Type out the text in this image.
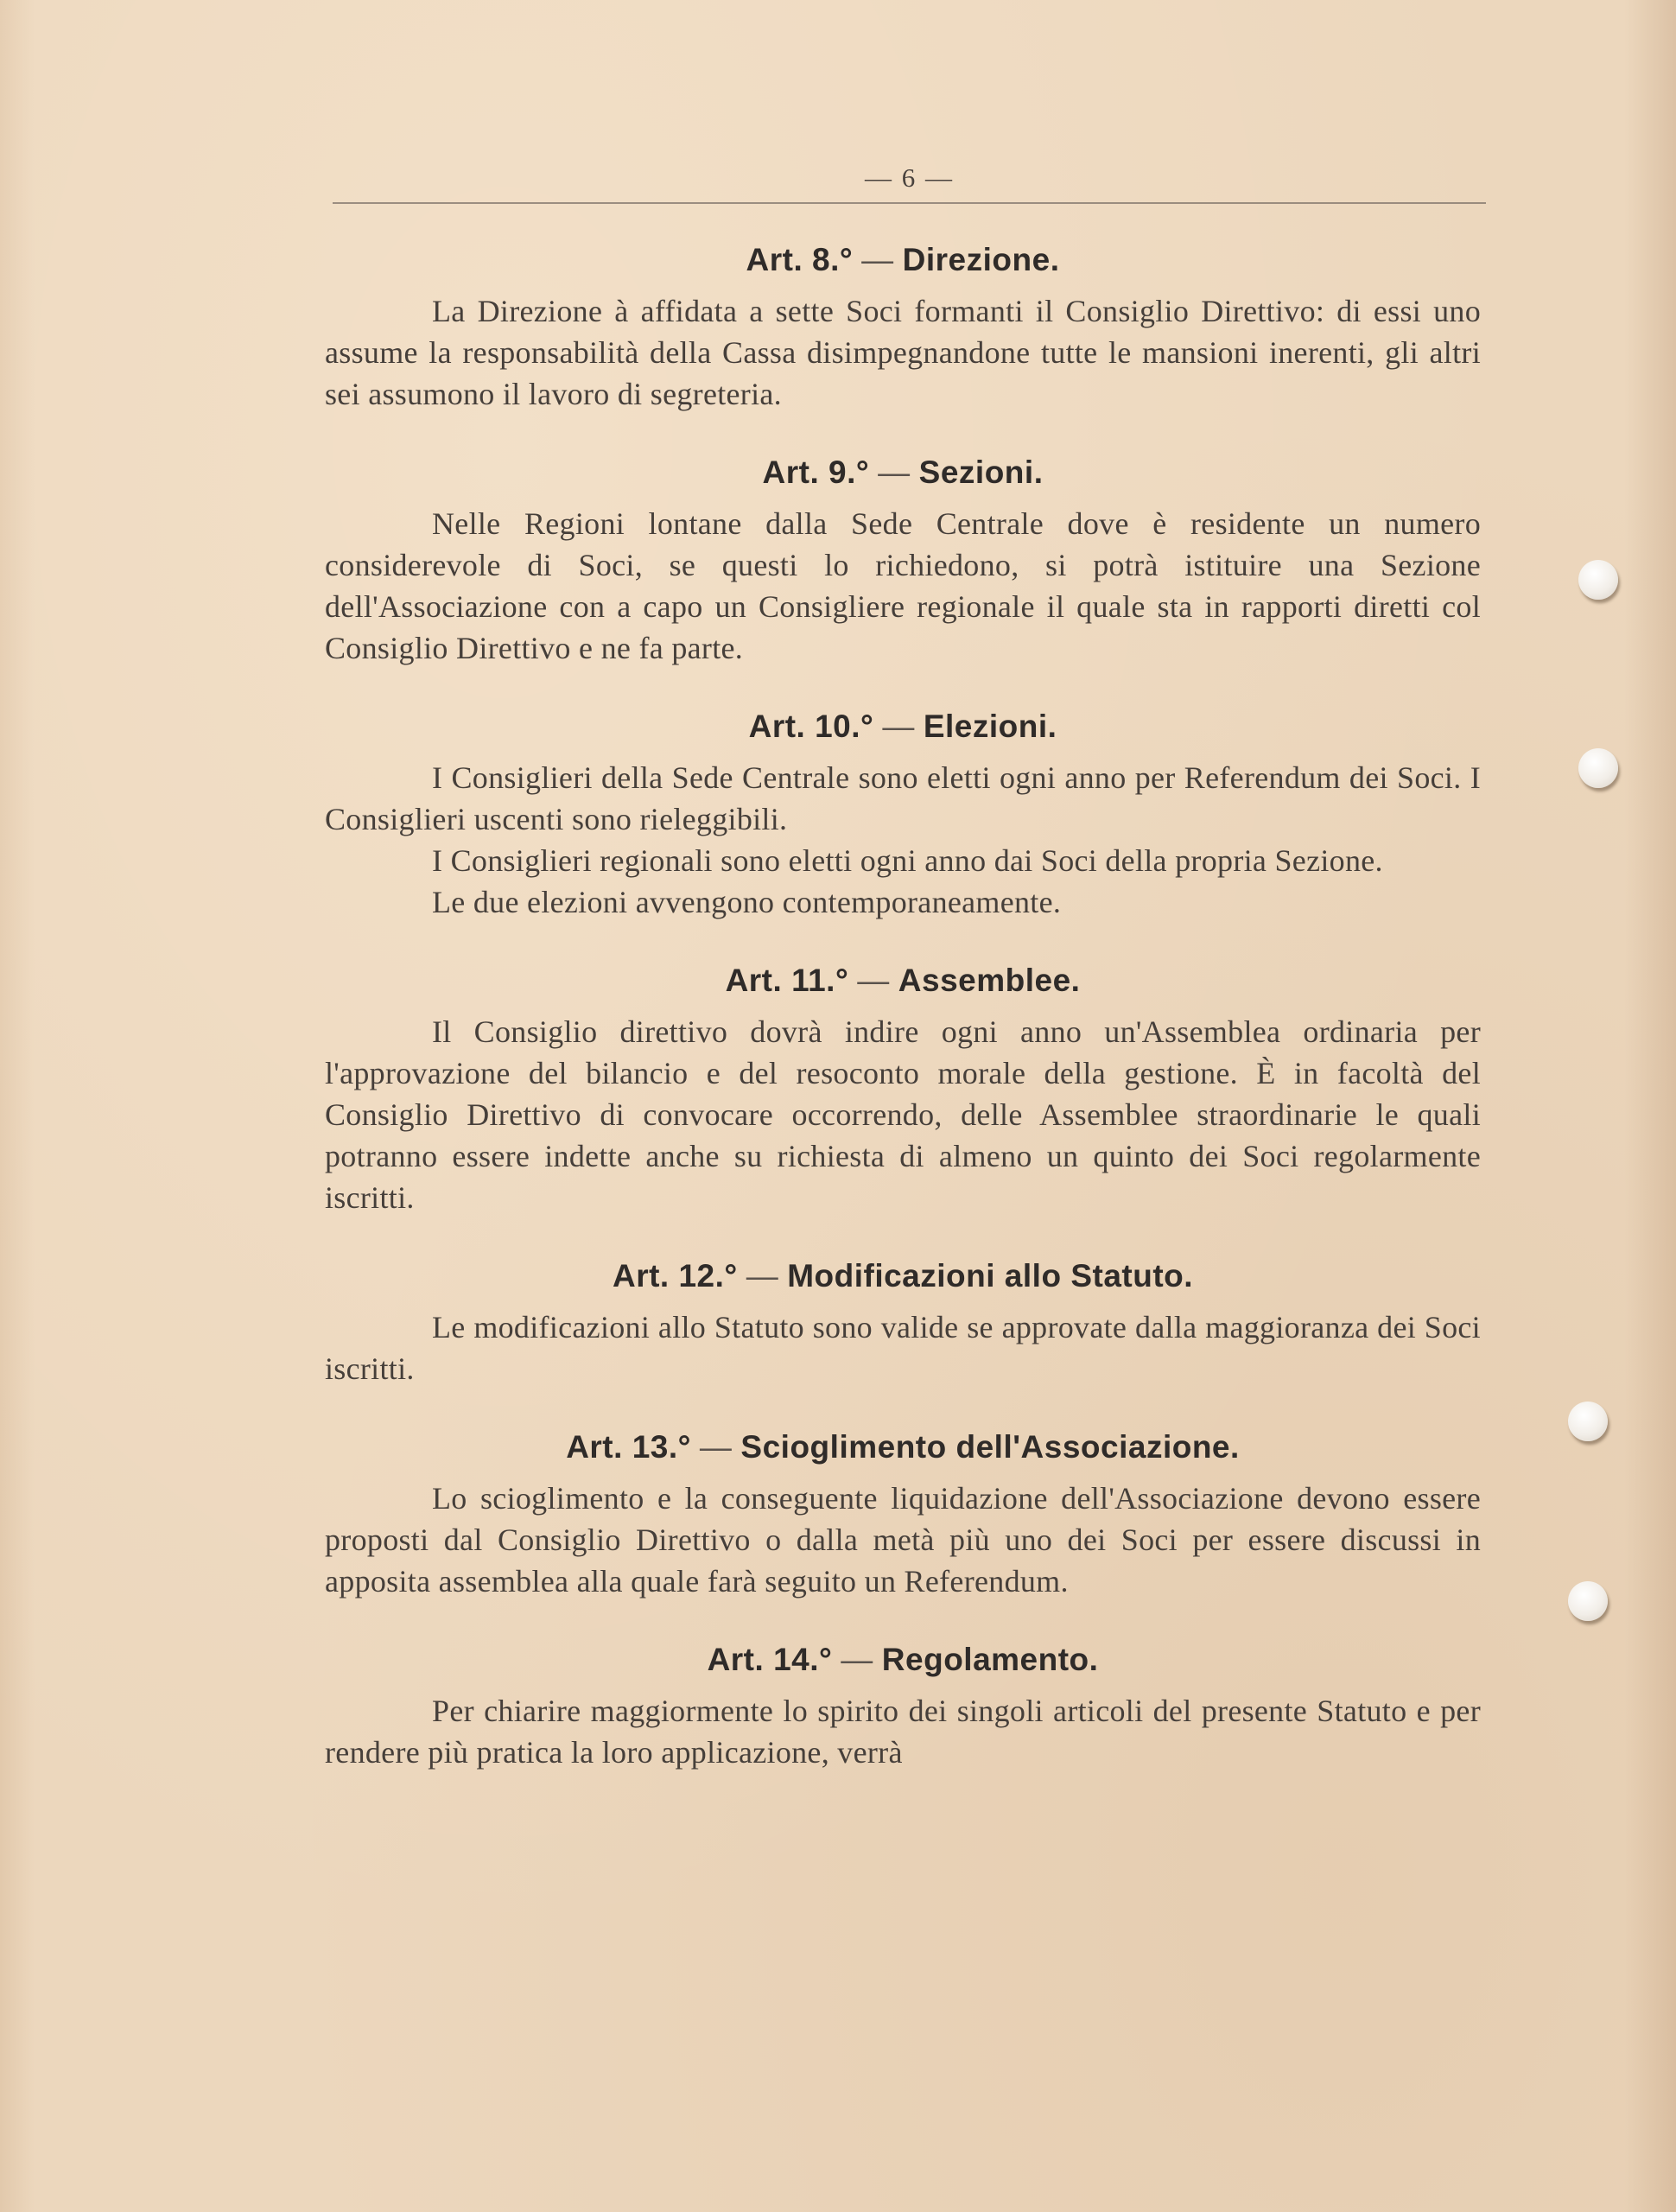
— 6 —
Art. 8.° — Direzione.

La Direzione à affidata a sette Soci formanti il Consiglio Direttivo: di essi uno assume la responsabilità della Cassa disimpegnandone tutte le mansioni inerenti, gli altri sei assumono il lavoro di segreteria.

Art. 9.° — Sezioni.

Nelle Regioni lontane dalla Sede Centrale dove è residente un numero considerevole di Soci, se questi lo richiedono, si potrà istituire una Sezione dell'Associazione con a capo un Consigliere regionale il quale sta in rapporti diretti col Consiglio Direttivo e ne fa parte.

Art. 10.° — Elezioni.

I Consiglieri della Sede Centrale sono eletti ogni anno per Referendum dei Soci. I Consiglieri uscenti sono rieleggibili.

I Consiglieri regionali sono eletti ogni anno dai Soci della propria Sezione.

Le due elezioni avvengono contemporaneamente.

Art. 11.° — Assemblee.

Il Consiglio direttivo dovrà indire ogni anno un'Assemblea ordinaria per l'approvazione del bilancio e del resoconto morale della gestione. È in facoltà del Consiglio Direttivo di convocare occorrendo, delle Assemblee straordinarie le quali potranno essere indette anche su richiesta di almeno un quinto dei Soci regolarmente iscritti.

Art. 12.° — Modificazioni allo Statuto.

Le modificazioni allo Statuto sono valide se approvate dalla maggioranza dei Soci iscritti.

Art. 13.° — Scioglimento dell'Associazione.

Lo scioglimento e la conseguente liquidazione dell'Associazione devono essere proposti dal Consiglio Direttivo o dalla metà più uno dei Soci per essere discussi in apposita assemblea alla quale farà seguito un Referendum.

Art. 14.° — Regolamento.

Per chiarire maggiormente lo spirito dei singoli articoli del presente Statuto e per rendere più pratica la loro applicazione, verrà
